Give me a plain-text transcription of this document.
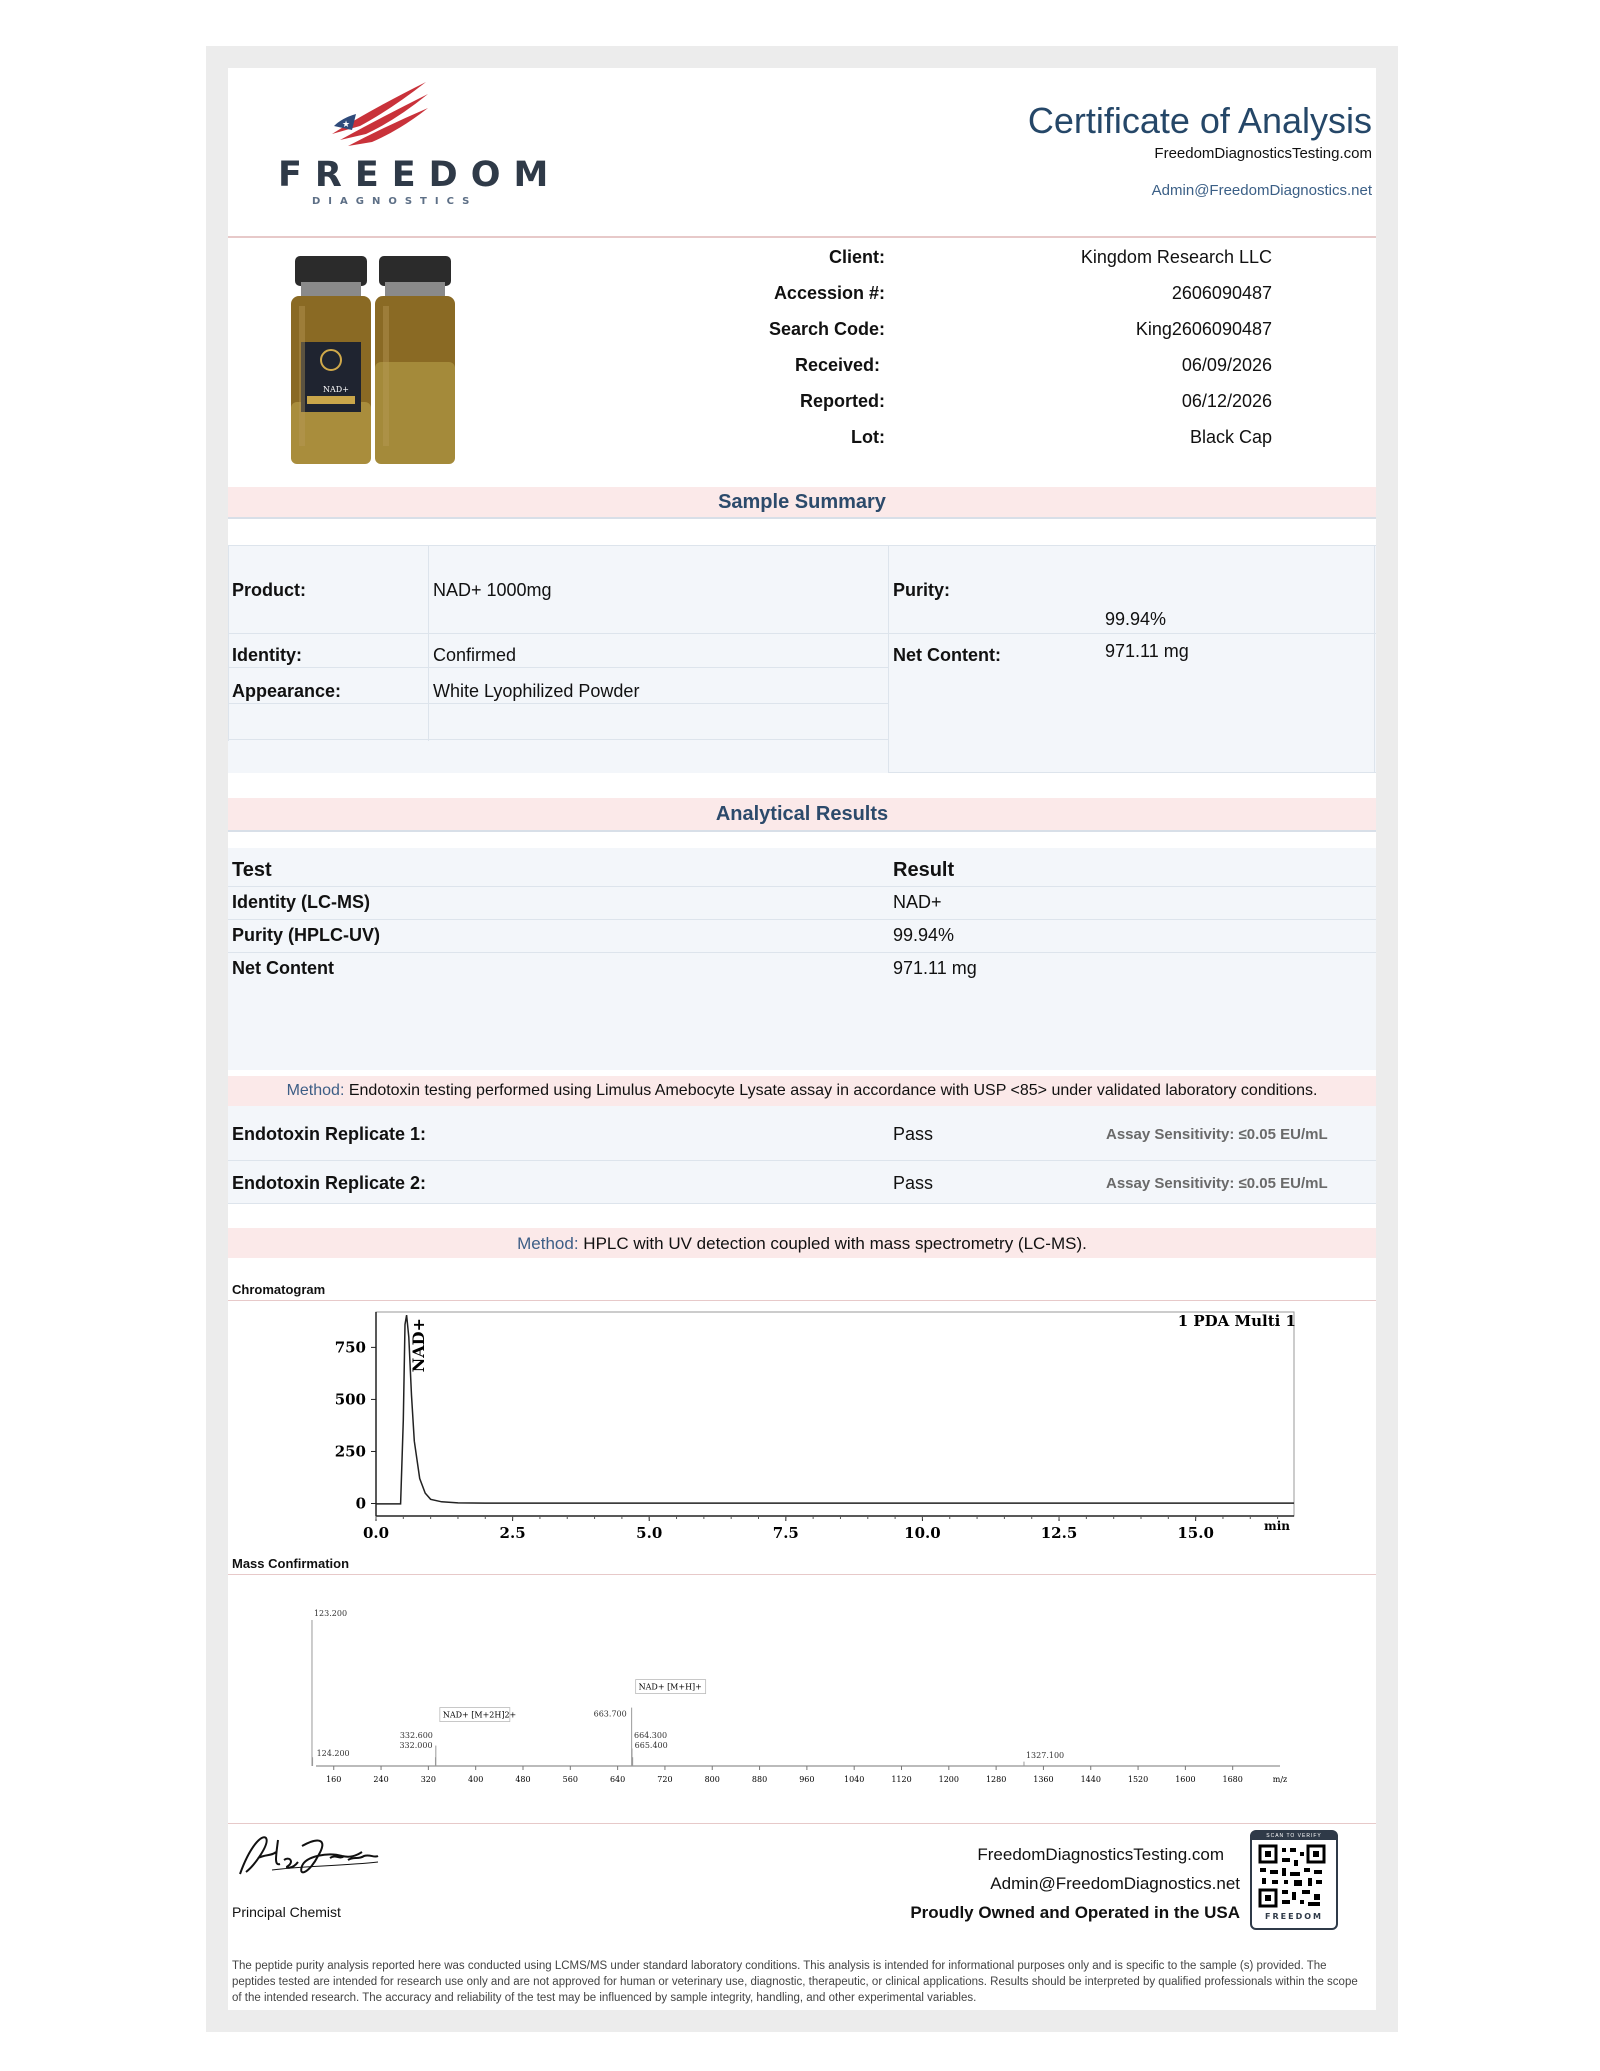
★
FREEDOM
DIAGNOSTICS
Certificate of Analysis
FreedomDiagnosticsTesting.com
Admin@FreedomDiagnostics.net
NAD+
Client:	Kingdom Research LLC
Accession #:	2606090487
Search Code:	King2606090487
Received:	06/09/2026
Reported:	06/12/2026
Lot:	Black Cap
Sample Summary
Product:	NAD+ 1000mg	Purity:
99.94%
Identity:	Confirmed	Net Content:	971.11 mg
Appearance:	White Lyophilized Powder
Analytical Results
Test	Result
Identity (LC-MS)	NAD+
Purity (HPLC-UV)	99.94%
Net Content	971.11 mg
Method: Endotoxin testing performed using Limulus Amebocyte Lysate assay in accordance with USP <85> under validated laboratory conditions.
Endotoxin Replicate 1:	Pass	Assay Sensitivity: ≤0.05 EU/mL
Endotoxin Replicate 2:	Pass	Assay Sensitivity: ≤0.05 EU/mL
Method: HPLC with UV detection coupled with mass spectrometry (LC-MS).
Chromatogram
0.0	2.5	5.0	7.5	10.0	12.5	15.0
0
250
500
750
min
1 PDA Multi 1
NAD+
Mass Confirmation
160	240	320	400	480	560	640	720	800	880	960	1040	1120	1200	1280	1360	1440	1520	1600	1680	m/z
123.200
124.200
332.000
332.600
NAD+ [M+2H]2+	663.700
NAD+ [M+H]+
664.300
665.400
1327.100
Principal Chemist
FreedomDiagnosticsTesting.com
Admin@FreedomDiagnostics.net
Proudly Owned and Operated in the USA
SCAN TO VERIFY
FREEDOM
The peptide purity analysis reported here was conducted using LCMS/MS under standard laboratory conditions. This analysis is intended for informational purposes only and is specific to the sample (s) provided. The peptides tested are intended for research use only and are not approved for human or veterinary use, diagnostic, therapeutic, or clinical applications. Results should be interpreted by qualified professionals within the scope of the intended research. The accuracy and reliability of the test may be influenced by sample integrity, handling, and other experimental variables.
